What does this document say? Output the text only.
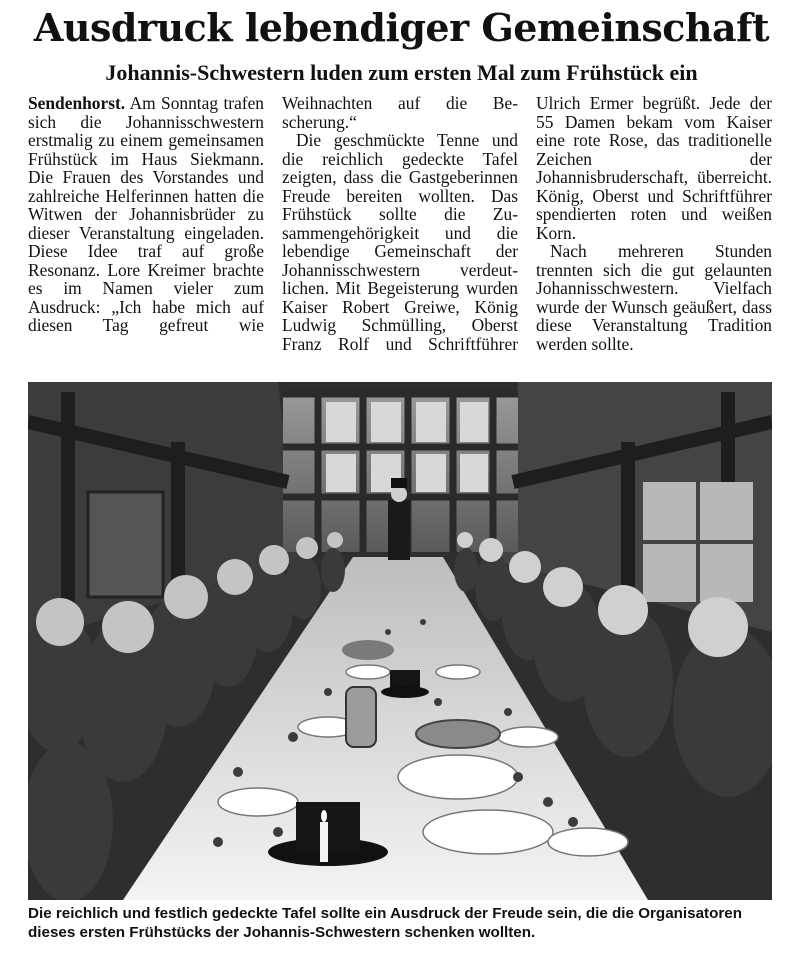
Ausdruck lebendiger Gemeinschaft
Johannis-Schwestern luden zum ersten Mal zum Frühstück ein

Sendenhorst. Am Sonntag trafen sich die Johannisschwestern erstmalig zu einem gemeinsamen Frühstück im Haus Siekmann. Die Frauen des Vorstandes und zahlreiche Helferinnen hatten die Witwen der Johannisbrüder zu dieser Veranstaltung eingeladen. Diese Idee traf auf große Resonanz. Lore Kreimer brachte es im Namen vieler zum Ausdruck: „Ich habe mich auf diesen Tag gefreut wie Weihnachten auf die Bescherung.“

Die geschmückte Tenne und die reichlich gedeckte Tafel zeigten, dass die Gastgeberinnen Freude bereiten wollten. Das Frühstück sollte die Zusammengehörigkeit und die lebendige Gemeinschaft der Johannisschwestern verdeutlichen. Mit Begeisterung wurden Kaiser Robert Greiwe, König Ludwig Schmülling, Oberst Franz Rolf und Schriftführer Ulrich Ermer begrüßt. Jede der 55 Damen bekam vom Kaiser eine rote Rose, das traditionelle Zeichen der Johannisbruderschaft, überreicht. König, Oberst und Schriftführer spendierten roten und weißen Korn.

Nach mehreren Stunden trennten sich die gut gelaunten Johannisschwestern. Vielfach wurde der Wunsch geäußert, dass diese Veranstaltung Tradition werden sollte.

Die reichlich und festlich gedeckte Tafel sollte ein Ausdruck der Freude sein, die die Organisatoren dieses ersten Frühstücks der Johannis-Schwestern schenken wollten.
